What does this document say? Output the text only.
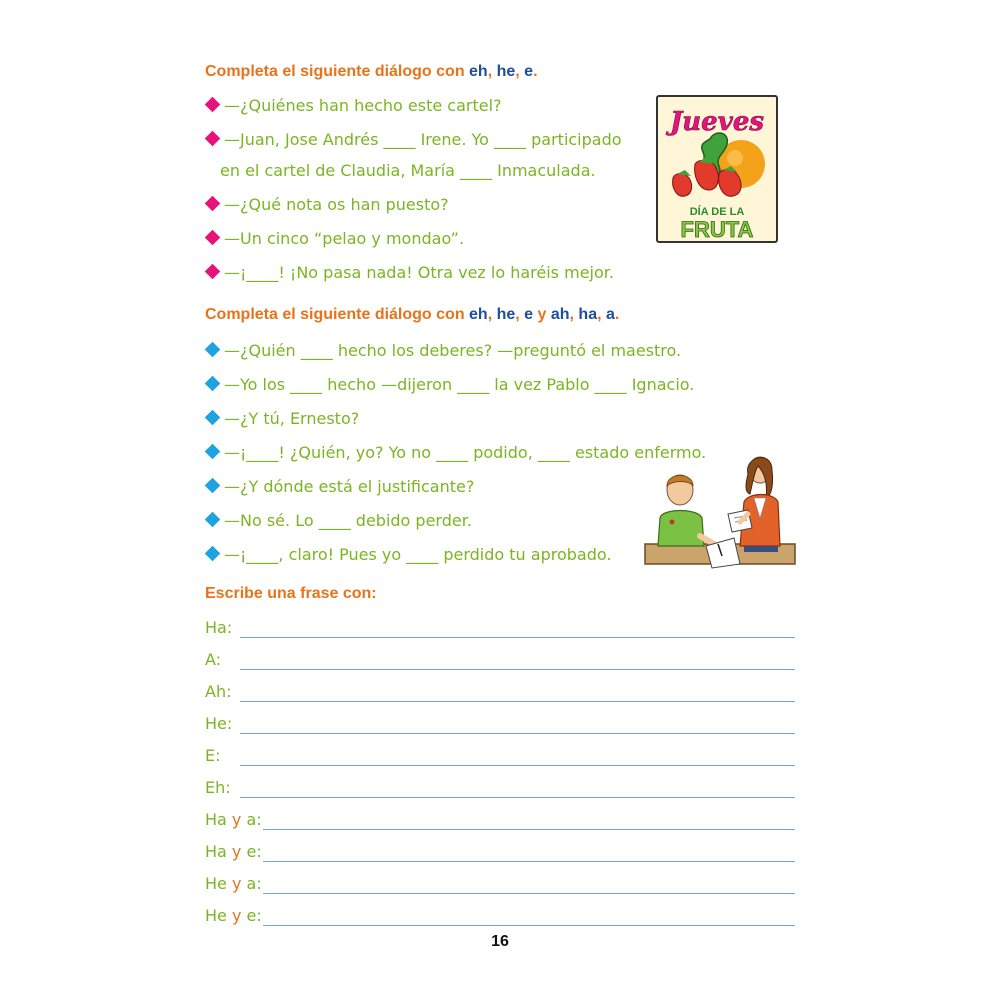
Completa el siguiente diálogo con eh, he, e.
—¿Quiénes han hecho este cartel?
—Juan, Jose Andrés ____ Irene. Yo ____ participado
en el cartel de Claudia, María ____ Inmaculada.
—¿Qué nota os han puesto?
—Un cinco “pelao y mondao”.
—¡____! ¡No pasa nada! Otra vez lo haréis mejor.
Jueves
DÍA DE LA
FRUTA
Completa el siguiente diálogo con eh, he, e y ah, ha, a.
—¿Quién ____ hecho los deberes? —preguntó el maestro.
—Yo los ____ hecho —dijeron ____ la vez Pablo ____ Ignacio.
—¿Y tú, Ernesto?
—¡____! ¿Quién, yo? Yo no ____ podido, ____ estado enfermo.
—¿Y dónde está el justificante?
—No sé. Lo ____ debido perder.
—¡____, claro! Pues yo ____ perdido tu aprobado.
Escribe una frase con:
Ha:
A:
Ah:
He:
E:
Eh:
Ha y a:
Ha y e:
He y a:
He y e:
16
